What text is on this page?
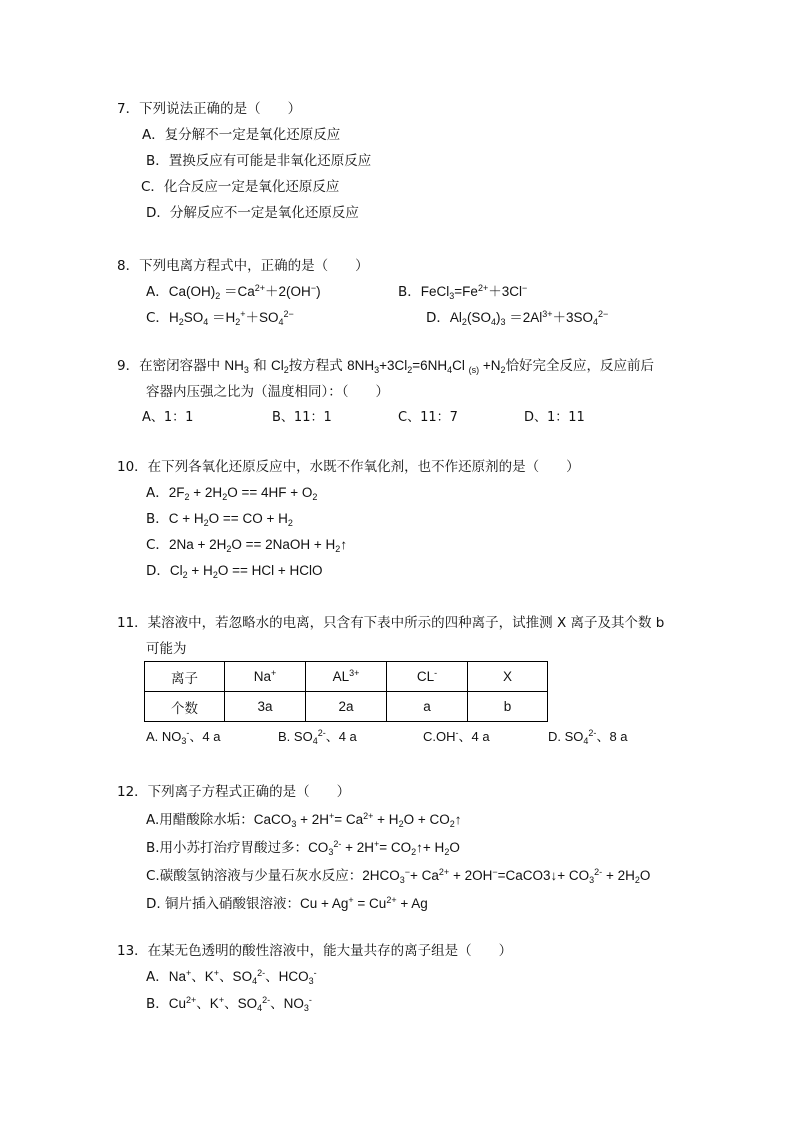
7．下列说法正确的是（　　）
A．复分解不一定是氧化还原反应
B．置换反应有可能是非氧化还原反应
C．化合反应一定是氧化还原反应
D．分解反应不一定是氧化还原反应
8．下列电离方程式中，正确的是（　　）
A．$Ca(OH)_2 =Ca^{2+}+2(OH^-)$	B．$FeCl_3=Fe^{2+}+3Cl^-$
C．$H_2SO_4 =H_2^++SO_4^{2-}$	D．$Al_2(SO_4)_3 =2Al^{3+}+3SO_4^{2-}$
9．在密闭容器中 $NH_3$ 和 $Cl_2$按方程式 $8NH_3+3Cl_2=6NH_4Cl$ $_{(s)} +N_2$恰好完全反应，反应前后
容器内压强之比为（温度相同）：（　　）
A、1：1	B、11：1	C、11：7	D、1：11
10．在下列各氧化还原反应中，水既不作氧化剂，也不作还原剂的是（　　）
A．$2F_2 + 2H_2O == 4HF + O_2$
B．$C + H_2O$ == CO + $H_2$
C．$2Na + 2H_2O$ == 2NaOH + $H_2↑$
D．$Cl_2 + H_2O$ == HCl + HClO
11．某溶液中，若忽略水的电离，只含有下表中所示的四种离子，试推测 X 离子及其个数 b
可能为
离子	Na+	$AL^{3+}$	CL-	X
个数	3a	2a	a	b
A. $NO_3^-$、4 a	B. $SO_4^{2-}$、4 a	C.OH-、4 a	D. $SO_4^{2-}$、8 a
12．下列离子方程式正确的是（　　）
A.用醋酸除水垢：CaCO$_3$ + $2H^+= Ca^{2+} + H_2O$ + $CO_2↑$
B.用小苏打治疗胃酸过多：$CO_3^{2-} + 2H^+=$ $CO_2↑+ H_2O$
C.碳酸氢钠溶液与少量石灰水反应：$2HCO_3^-+ Ca^{2+}$ + 2OH−=CaCO3↓+ $CO_3^{2-} + 2H_2O$
D. 铜片插入硝酸银溶液：$Cu + Ag^+ = Cu^{2+} + Ag$
13．在某无色透明的酸性溶液中，能大量共存的离子组是（　　）
A．Na+、K+、$SO_4^{2-}$、$HCO_3^-$
B．$Cu^{2+}$、K+、$SO_4^{2-}$、$NO_3^-$
